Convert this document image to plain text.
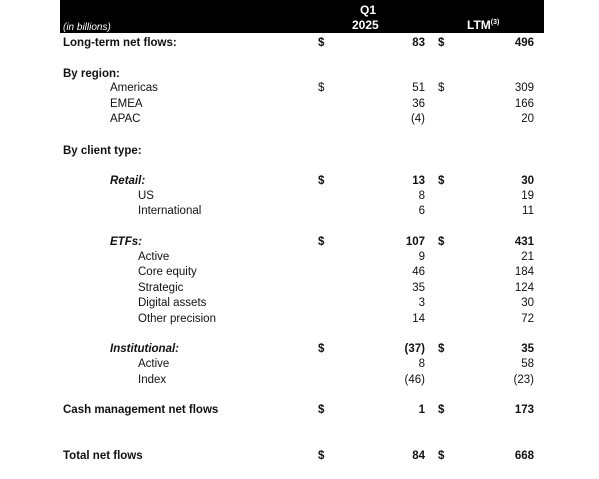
(in billions)
Q1
2025	LTM$^{(3)}$
Long-term net flows:	$	83 $	496
By region:
Americas	$	51 $	309
EMEA	36	166
APAC	(4)	20
By client type:
Retail:	$	13 $	30
US	8	19
International	6	11
ETFs:	$	107 $	431
Active	9	21
Core equity	46	184
Strategic	35	124
Digital assets	3	30
Other precision	14	72
Institutional:	$	(37) $	35
Active	8	58
Index	(46)	(23)
Cash management net flows	$	1 $	173
Total net flows	$	84 $	668
